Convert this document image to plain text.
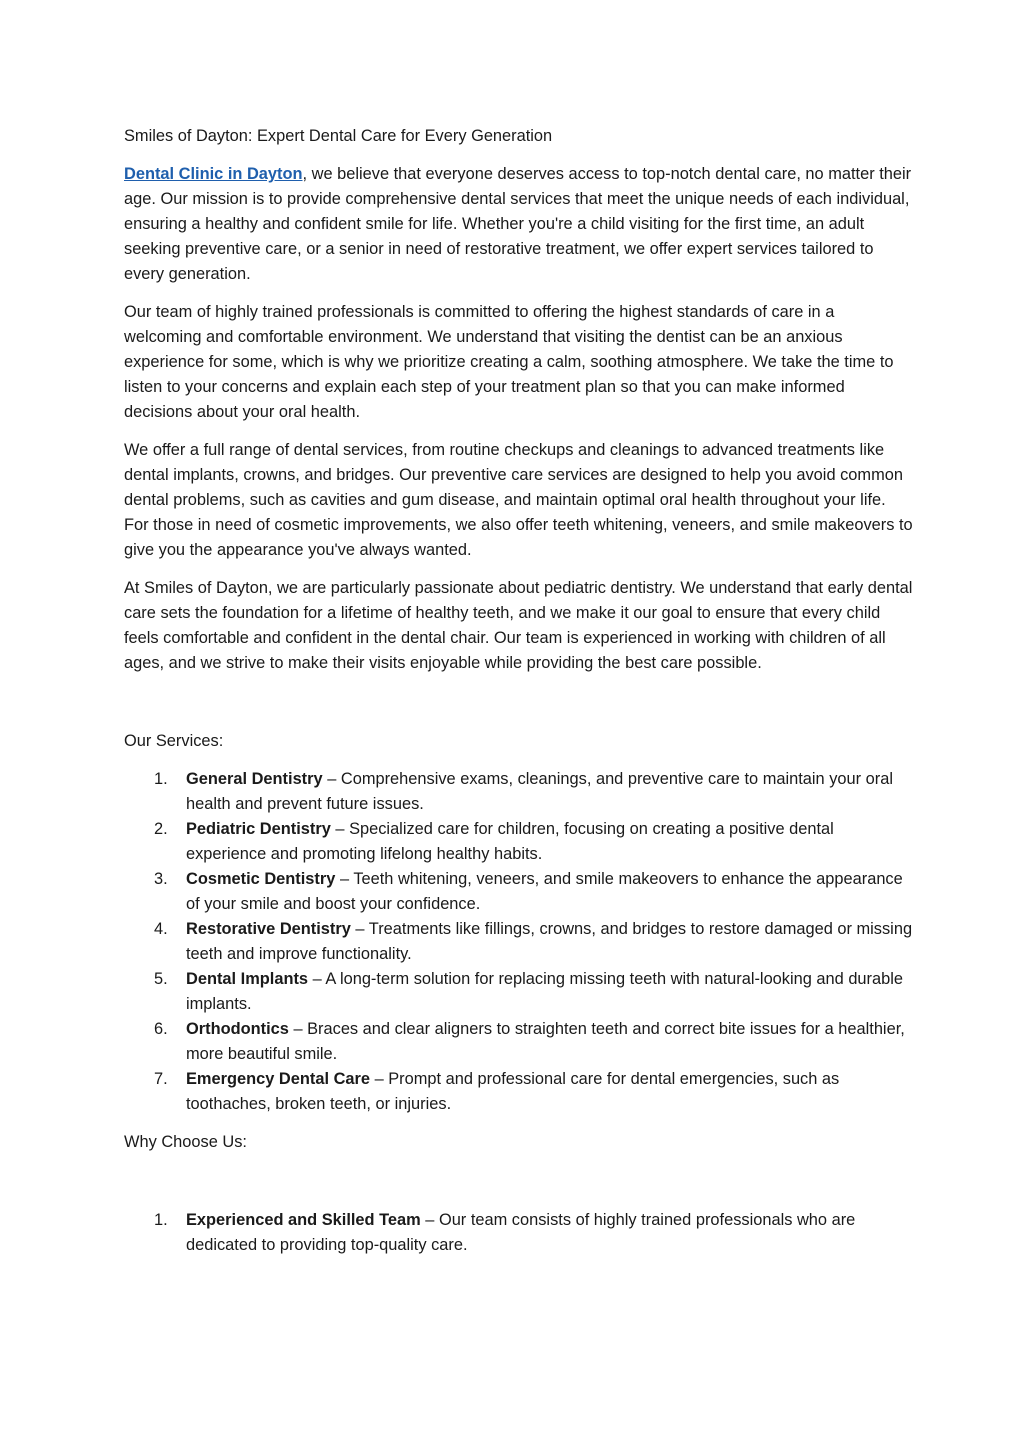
Smiles of Dayton: Expert Dental Care for Every Generation

Dental Clinic in Dayton, we believe that everyone deserves access to top-notch dental care, no matter their age. Our mission is to provide comprehensive dental services that meet the unique needs of each individual, ensuring a healthy and confident smile for life. Whether you're a child visiting for the first time, an adult seeking preventive care, or a senior in need of restorative treatment, we offer expert services tailored to every generation.

Our team of highly trained professionals is committed to offering the highest standards of care in a welcoming and comfortable environment. We understand that visiting the dentist can be an anxious experience for some, which is why we prioritize creating a calm, soothing atmosphere. We take the time to listen to your concerns and explain each step of your treatment plan so that you can make informed decisions about your oral health.

We offer a full range of dental services, from routine checkups and cleanings to advanced treatments like dental implants, crowns, and bridges. Our preventive care services are designed to help you avoid common dental problems, such as cavities and gum disease, and maintain optimal oral health throughout your life. For those in need of cosmetic improvements, we also offer teeth whitening, veneers, and smile makeovers to give you the appearance you've always wanted.

At Smiles of Dayton, we are particularly passionate about pediatric dentistry. We understand that early dental care sets the foundation for a lifetime of healthy teeth, and we make it our goal to ensure that every child feels comfortable and confident in the dental chair. Our team is experienced in working with children of all ages, and we strive to make their visits enjoyable while providing the best care possible.

Our Services:
1. General Dentistry – Comprehensive exams, cleanings, and preventive care to maintain your oral health and prevent future issues.
2. Pediatric Dentistry – Specialized care for children, focusing on creating a positive dental experience and promoting lifelong healthy habits.
3. Cosmetic Dentistry – Teeth whitening, veneers, and smile makeovers to enhance the appearance of your smile and boost your confidence.
4. Restorative Dentistry – Treatments like fillings, crowns, and bridges to restore damaged or missing teeth and improve functionality.
5. Dental Implants – A long-term solution for replacing missing teeth with natural-looking and durable implants.
6. Orthodontics – Braces and clear aligners to straighten teeth and correct bite issues for a healthier, more beautiful smile.
7. Emergency Dental Care – Prompt and professional care for dental emergencies, such as toothaches, broken teeth, or injuries.
Why Choose Us:
1. Experienced and Skilled Team – Our team consists of highly trained professionals who are dedicated to providing top-quality care.
